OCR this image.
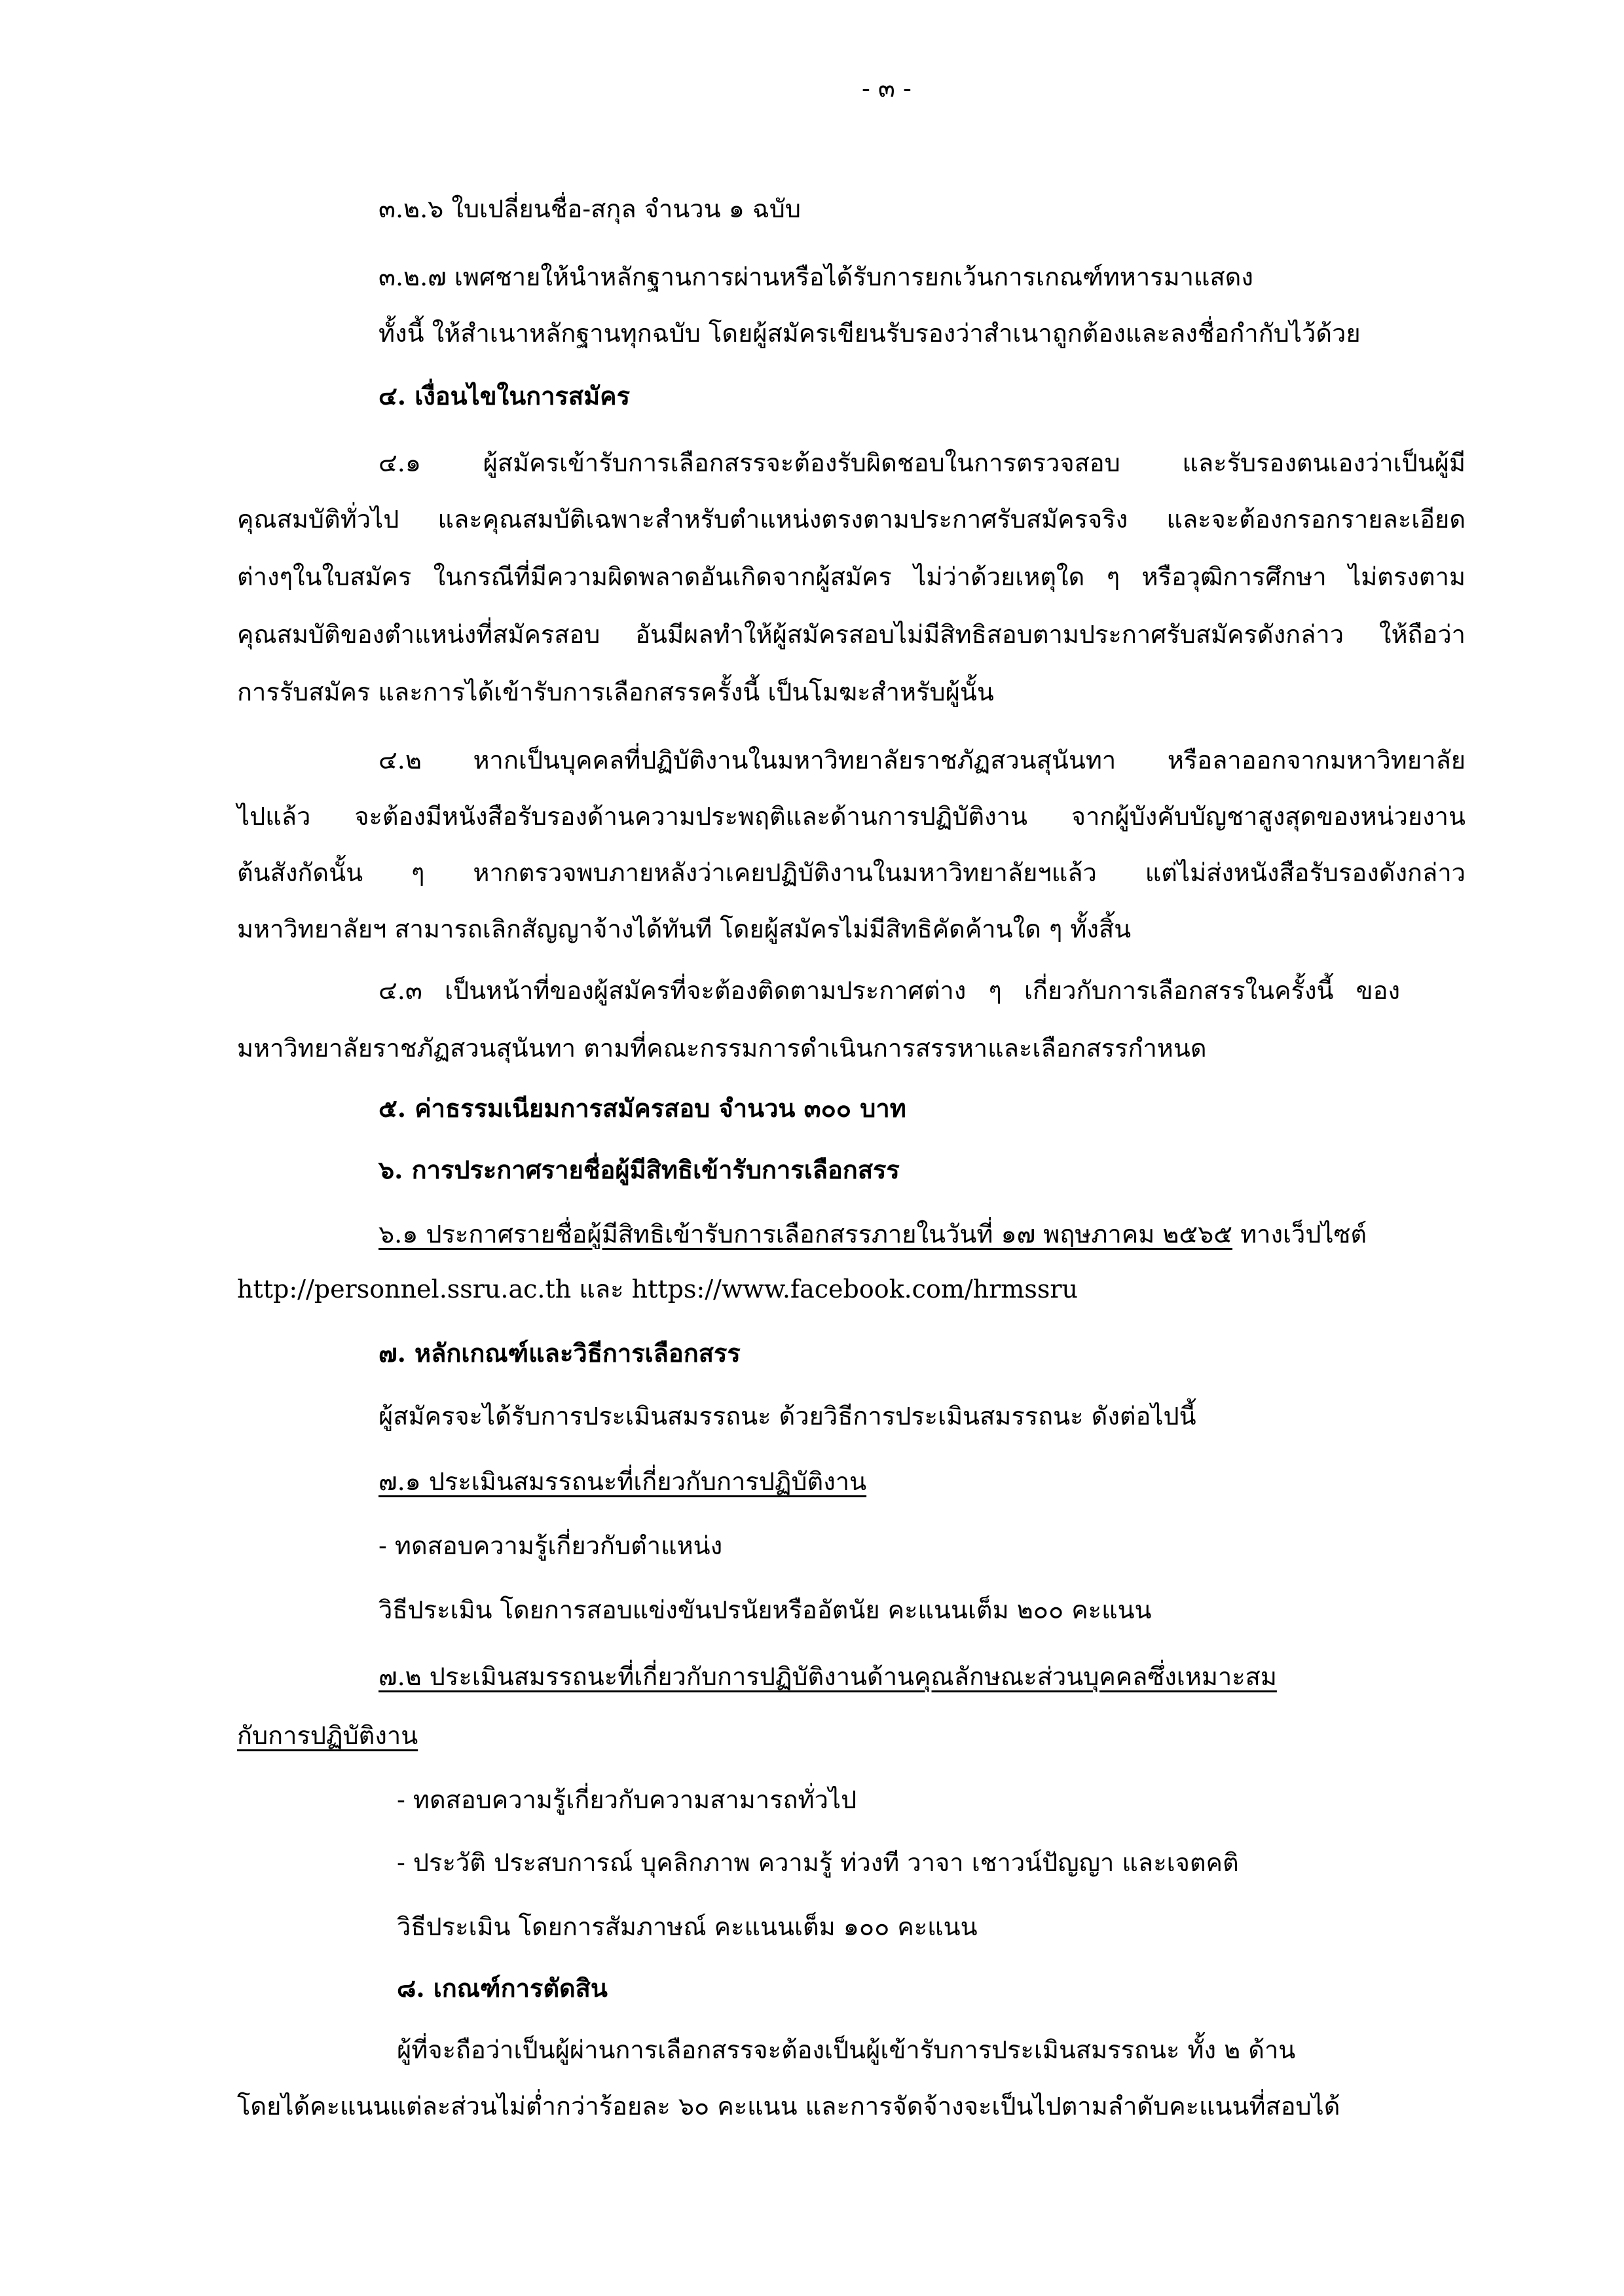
- ๓ -
๓.๒.๖ ใบเปลี่ยนชื่อ-สกุล จำนวน ๑ ฉบับ
๓.๒.๗ เพศชายให้นำหลักฐานการผ่านหรือได้รับการยกเว้นการเกณฑ์ทหารมาแสดง
ทั้งนี้ ให้สำเนาหลักฐานทุกฉบับ โดยผู้สมัครเขียนรับรองว่าสำเนาถูกต้องและลงชื่อกำกับไว้ด้วย
๔. เงื่อนไขในการสมัคร
๔.๑ ผู้สมัครเข้ารับการเลือกสรรจะต้องรับผิดชอบในการตรวจสอบ และรับรองตนเองว่าเป็นผู้มี
คุณสมบัติทั่วไป และคุณสมบัติเฉพาะสำหรับตำแหน่งตรงตามประกาศรับสมัครจริง และจะต้องกรอกรายละเอียด
ต่างๆในใบสมัคร ในกรณีที่มีความผิดพลาดอันเกิดจากผู้สมัคร ไม่ว่าด้วยเหตุใด ๆ หรือวุฒิการศึกษา ไม่ตรงตาม
คุณสมบัติของตำแหน่งที่สมัครสอบ อันมีผลทำให้ผู้สมัครสอบไม่มีสิทธิสอบตามประกาศรับสมัครดังกล่าว ให้ถือว่า
การรับสมัคร และการได้เข้ารับการเลือกสรรครั้งนี้ เป็นโมฆะสำหรับผู้นั้น
๔.๒ หากเป็นบุคคลที่ปฏิบัติงานในมหาวิทยาลัยราชภัฏสวนสุนันทา หรือลาออกจากมหาวิทยาลัย
ไปแล้ว จะต้องมีหนังสือรับรองด้านความประพฤติและด้านการปฏิบัติงาน จากผู้บังคับบัญชาสูงสุดของหน่วยงาน
ต้นสังกัดนั้น ๆ หากตรวจพบภายหลังว่าเคยปฏิบัติงานในมหาวิทยาลัยฯแล้ว แต่ไม่ส่งหนังสือรับรองดังกล่าว
มหาวิทยาลัยฯ สามารถเลิกสัญญาจ้างได้ทันที โดยผู้สมัครไม่มีสิทธิคัดค้านใด ๆ ทั้งสิ้น
๔.๓ เป็นหน้าที่ของผู้สมัครที่จะต้องติดตามประกาศต่าง ๆ เกี่ยวกับการเลือกสรรในครั้งนี้ ของ
มหาวิทยาลัยราชภัฏสวนสุนันทา ตามที่คณะกรรมการดำเนินการสรรหาและเลือกสรรกำหนด
๕. ค่าธรรมเนียมการสมัครสอบ จำนวน ๓๐๐ บาท
๖. การประกาศรายชื่อผู้มีสิทธิเข้ารับการเลือกสรร
๖.๑ ประกาศรายชื่อผู้มีสิทธิเข้ารับการเลือกสรรภายในวันที่ ๑๗ พฤษภาคม ๒๕๖๕ ทางเว็ปไซต์
http://personnel.ssru.ac.th และ https://www.facebook.com/hrmssru
๗. หลักเกณฑ์และวิธีการเลือกสรร
ผู้สมัครจะได้รับการประเมินสมรรถนะ ด้วยวิธีการประเมินสมรรถนะ ดังต่อไปนี้
๗.๑ ประเมินสมรรถนะที่เกี่ยวกับการปฏิบัติงาน
- ทดสอบความรู้เกี่ยวกับตำแหน่ง
วิธีประเมิน โดยการสอบแข่งขันปรนัยหรืออัตนัย คะแนนเต็ม ๒๐๐ คะแนน
๗.๒ ประเมินสมรรถนะที่เกี่ยวกับการปฏิบัติงานด้านคุณลักษณะส่วนบุคคลซึ่งเหมาะสม
กับการปฏิบัติงาน
- ทดสอบความรู้เกี่ยวกับความสามารถทั่วไป
- ประวัติ ประสบการณ์ บุคลิกภาพ ความรู้ ท่วงที วาจา เชาวน์ปัญญา และเจตคติ
วิธีประเมิน โดยการสัมภาษณ์ คะแนนเต็ม ๑๐๐ คะแนน
๘. เกณฑ์การตัดสิน
ผู้ที่จะถือว่าเป็นผู้ผ่านการเลือกสรรจะต้องเป็นผู้เข้ารับการประเมินสมรรถนะ ทั้ง ๒ ด้าน
โดยได้คะแนนแต่ละส่วนไม่ต่ำกว่าร้อยละ ๖๐ คะแนน และการจัดจ้างจะเป็นไปตามลำดับคะแนนที่สอบได้
